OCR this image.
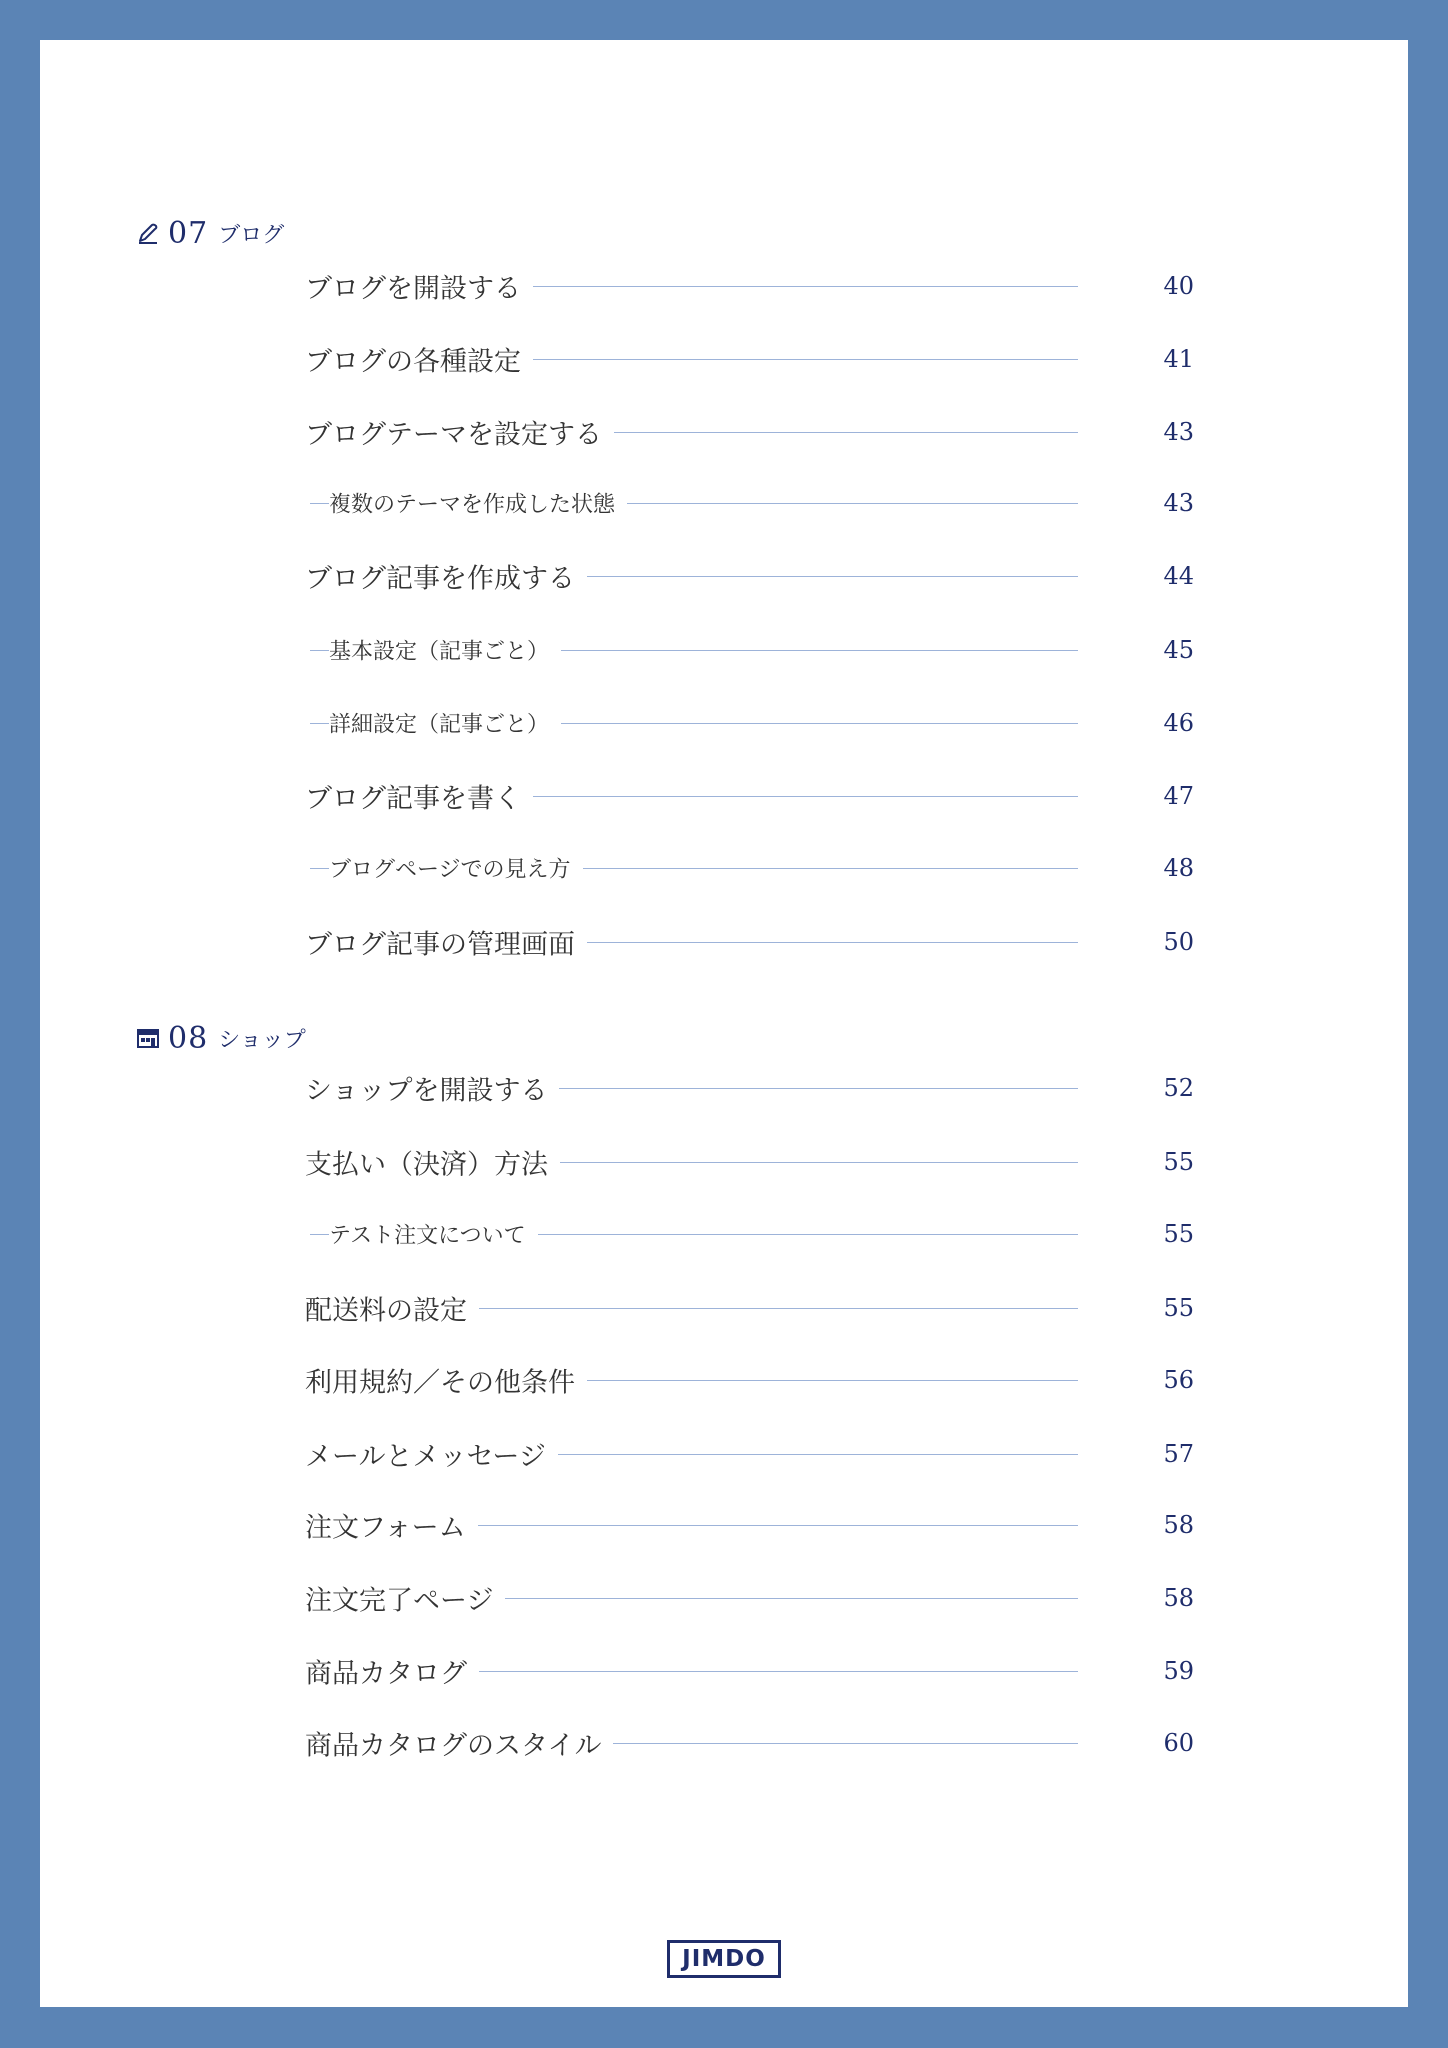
07 ブログ
ブログを開設する	40
ブログの各種設定	41
ブログテーマを設定する	43
複数のテーマを作成した状態	43
ブログ記事を作成する	44
基本設定（記事ごと）	45
詳細設定（記事ごと）	46
ブログ記事を書く	47
ブログページでの見え方	48
ブログ記事の管理画面	50
08 ショップ
ショップを開設する	52
支払い（決済）方法	55
テスト注文について	55
配送料の設定	55
利用規約／その他条件	56
メールとメッセージ	57
注文フォーム	58
注文完了ページ	58
商品カタログ	59
商品カタログのスタイル	60
JIMDO
